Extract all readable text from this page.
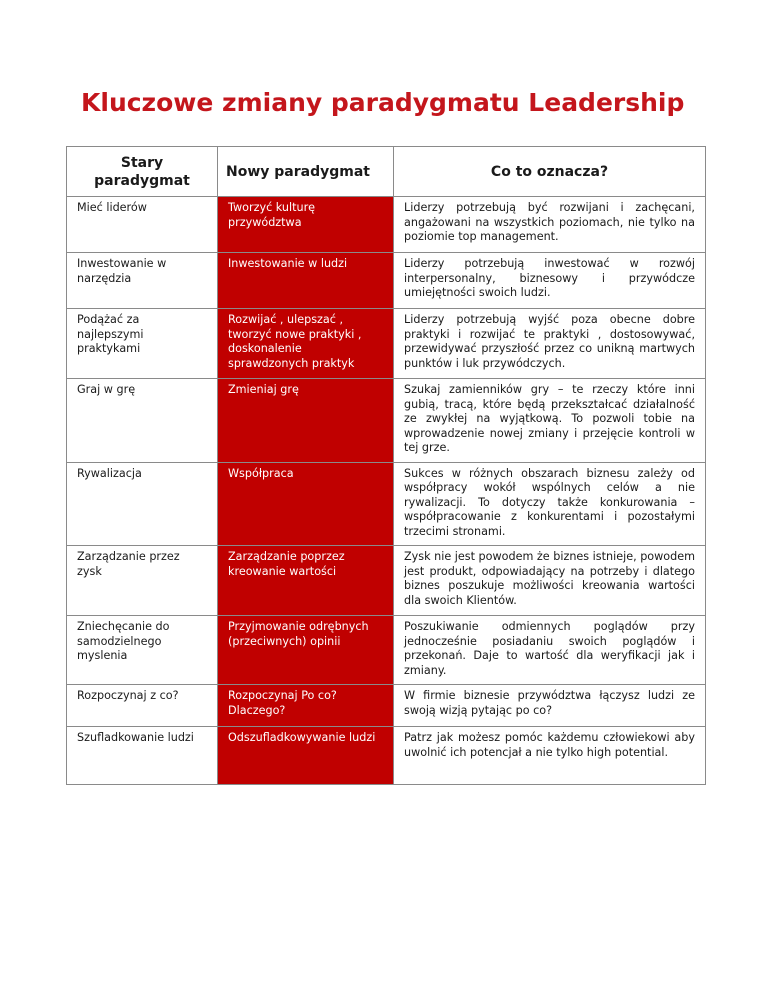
Kluczowe zmiany paradygmatu Leadership
Stary paradygmat	Nowy paradygmat	Co to oznacza?
Mieć liderów	Tworzyć kulturę przywództwa	Liderzy potrzebują być rozwijani i zachęcani, angażowani na wszystkich poziomach, nie tylko na poziomie top management.
Inwestowanie w narzędzia	Inwestowanie w ludzi	Liderzy potrzebują inwestować w rozwój interpersonalny, biznesowy i przywódcze umiejętności swoich ludzi.
Podążać za najlepszymi praktykami	Rozwijać , ulepszać , tworzyć nowe praktyki , doskonalenie sprawdzonych praktyk	Liderzy potrzebują wyjść poza obecne dobre praktyki i rozwijać te praktyki , dostosowywać, przewidywać przyszłość przez co unikną martwych punktów i luk przywódczych.
Graj w grę	Zmieniaj grę	Szukaj zamienników gry – te rzeczy które inni gubią, tracą, które będą przekształcać działalność ze zwykłej na wyjątkową. To pozwoli tobie na wprowadzenie nowej zmiany i przejęcie kontroli w tej grze.
Rywalizacja	Współpraca	Sukces w różnych obszarach biznesu zależy od współpracy wokół wspólnych celów a nie rywalizacji. To dotyczy także konkurowania – współpracowanie z konkurentami i pozostałymi trzecimi stronami.
Zarządzanie przez zysk	Zarządzanie poprzez kreowanie wartości	Zysk nie jest powodem że biznes istnieje, powodem jest produkt, odpowiadający na potrzeby i dlatego biznes poszukuje możliwości kreowania wartości dla swoich Klientów.
Zniechęcanie do samodzielnego myslenia	Przyjmowanie odrębnych (przeciwnych) opinii	Poszukiwanie odmiennych poglądów przy jednocześnie posiadaniu swoich poglądów i przekonań. Daje to wartość dla weryfikacji jak i zmiany.
Rozpoczynaj z co?	Rozpoczynaj Po co? Dlaczego?	W firmie biznesie przywództwa łączysz ludzi ze swoją wizją pytając po co?
Szufladkowanie ludzi	Odszufladkowywanie ludzi	Patrz jak możesz pomóc każdemu człowiekowi aby uwolnić ich potencjał a nie tylko high potential.
